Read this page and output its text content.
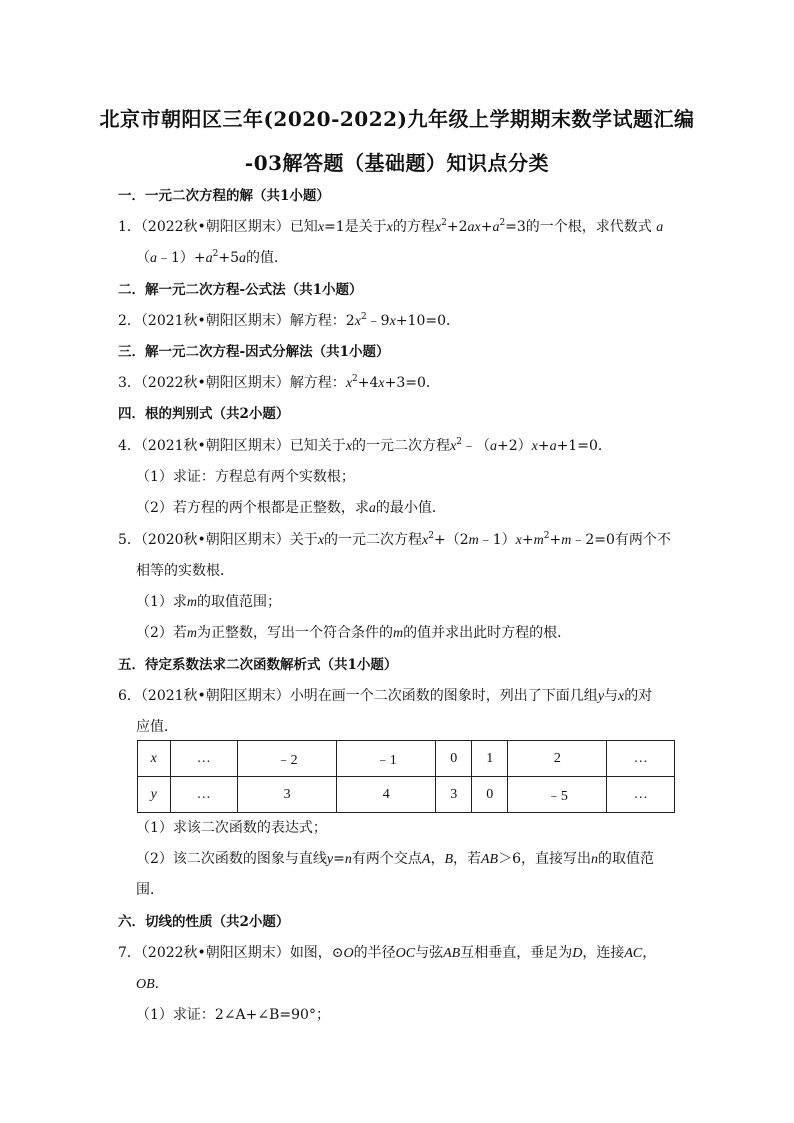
北京市朝阳区三年(2020-2022)九年级上学期期末数学试题汇编
-03解答题（基础题）知识点分类
一．一元二次方程的解（共1小题）
1．（2022秋•朝阳区期末）已知x=1是关于x的方程$x^2+2ax+a^2=3$的一个根，求代数式 a
$(a﹣1)+a^2+5a$的值．
二．解一元二次方程-公式法（共1小题）
2．（2021秋•朝阳区期末）解方程：$2x^2﹣9x+10=0$．
三．解一元二次方程-因式分解法（共1小题）
3．（2022秋•朝阳区期末）解方程：$x^2+4x+3=0$．
四．根的判别式（共2小题）
4．（2021秋•朝阳区期末）已知关于x的一元二次方程$x^2﹣(a+2)x+a+1=0$．
（1）求证：方程总有两个实数根；
（2）若方程的两个根都是正整数，求a的最小值．
5．（2020秋•朝阳区期末）关于x的一元二次方程$x^2+(2m﹣1)x+m^2+m﹣2=0$有两个不
相等的实数根．
（1）求m的取值范围；
（2）若m为正整数，写出一个符合条件的m的值并求出此时方程的根．
五．待定系数法求二次函数解析式（共1小题）
6．（2021秋•朝阳区期末）小明在画一个二次函数的图象时，列出了下面几组y与x的对
应值．
x	…	﹣2	﹣1	0	1	2	…
y	…	3	4	3	0	﹣5	…
（1）求该二次函数的表达式；
（2）该二次函数的图象与直线y=n有两个交点A，B，若AB＞6，直接写出n的取值范
围．
六．切线的性质（共2小题）
7．（2022秋•朝阳区期末）如图，⊙O的半径OC与弦AB互相垂直，垂足为D，连接AC，
OB．
（1）求证：2∠A+∠B=90°；
